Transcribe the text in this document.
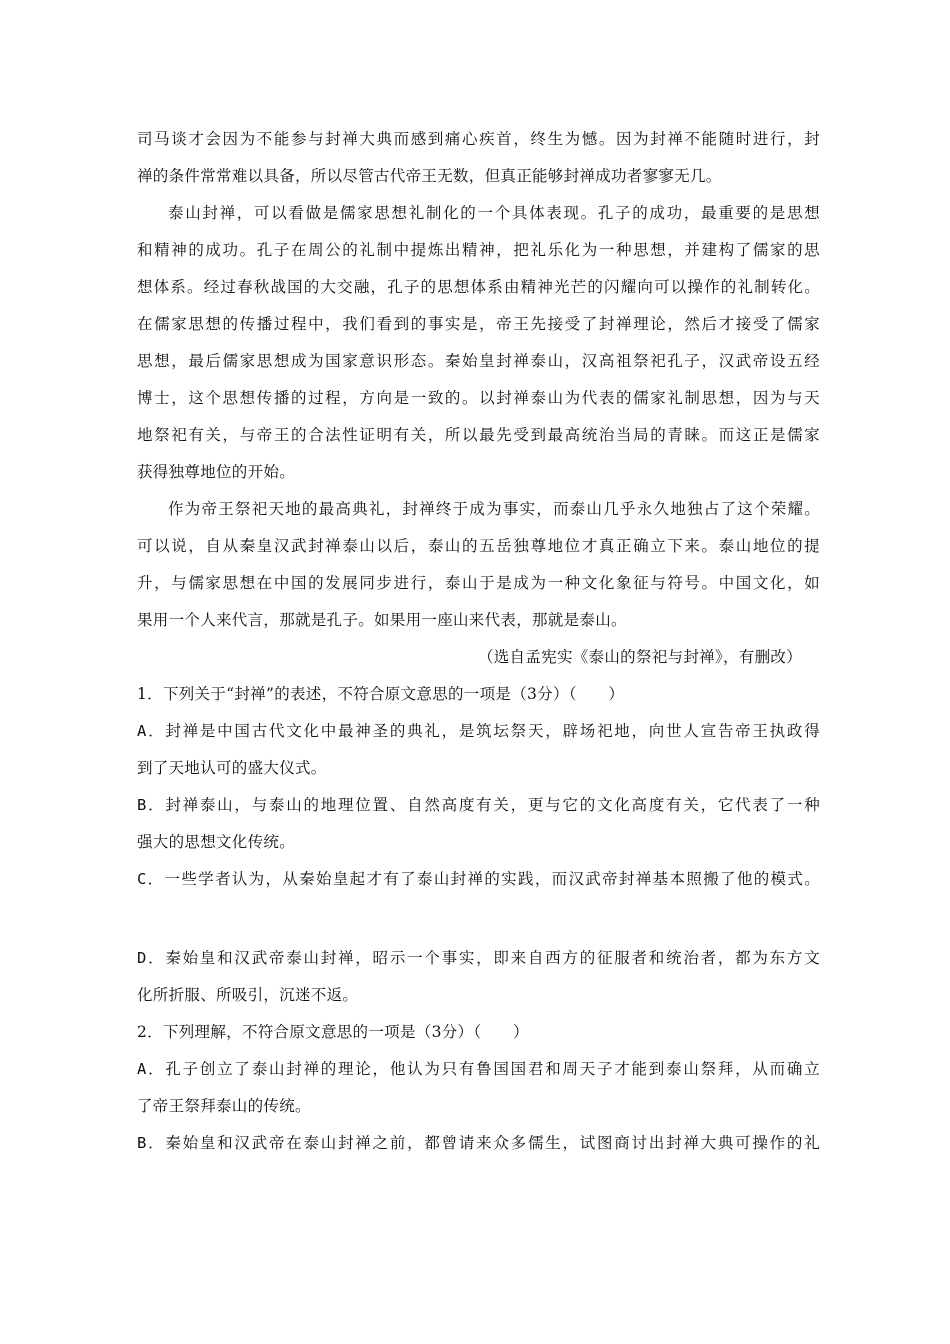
司马谈才会因为不能参与封禅大典而感到痛心疾首，终生为憾。因为封禅不能随时进行，封
禅的条件常常难以具备，所以尽管古代帝王无数，但真正能够封禅成功者寥寥无几。
泰山封禅，可以看做是儒家思想礼制化的一个具体表现。孔子的成功，最重要的是思想
和精神的成功。孔子在周公的礼制中提炼出精神，把礼乐化为一种思想，并建构了儒家的思
想体系。经过春秋战国的大交融，孔子的思想体系由精神光芒的闪耀向可以操作的礼制转化。
在儒家思想的传播过程中，我们看到的事实是，帝王先接受了封禅理论，然后才接受了儒家
思想，最后儒家思想成为国家意识形态。秦始皇封禅泰山，汉高祖祭祀孔子，汉武帝设五经
博士，这个思想传播的过程，方向是一致的。以封禅泰山为代表的儒家礼制思想，因为与天
地祭祀有关，与帝王的合法性证明有关，所以最先受到最高统治当局的青睐。而这正是儒家
获得独尊地位的开始。
作为帝王祭祀天地的最高典礼，封禅终于成为事实，而泰山几乎永久地独占了这个荣耀。
可以说，自从秦皇汉武封禅泰山以后，泰山的五岳独尊地位才真正确立下来。泰山地位的提
升，与儒家思想在中国的发展同步进行，泰山于是成为一种文化象征与符号。中国文化，如
果用一个人来代言，那就是孔子。如果用一座山来代表，那就是泰山。
（选自孟宪实《泰山的祭祀与封禅》，有删改）
1．下列关于“封禅”的表述，不符合原文意思的一项是（3分）（　　）
A．封禅是中国古代文化中最神圣的典礼，是筑坛祭天，辟场祀地，向世人宣告帝王执政得
到了天地认可的盛大仪式。
B．封禅泰山，与泰山的地理位置、自然高度有关，更与它的文化高度有关，它代表了一种
强大的思想文化传统。
C．一些学者认为，从秦始皇起才有了泰山封禅的实践，而汉武帝封禅基本照搬了他的模式。
D．秦始皇和汉武帝泰山封禅，昭示一个事实，即来自西方的征服者和统治者，都为东方文
化所折服、所吸引，沉迷不返。
2．下列理解，不符合原文意思的一项是（3分）（　　）
A．孔子创立了泰山封禅的理论，他认为只有鲁国国君和周天子才能到泰山祭拜，从而确立
了帝王祭拜泰山的传统。
B．秦始皇和汉武帝在泰山封禅之前，都曾请来众多儒生，试图商讨出封禅大典可操作的礼
